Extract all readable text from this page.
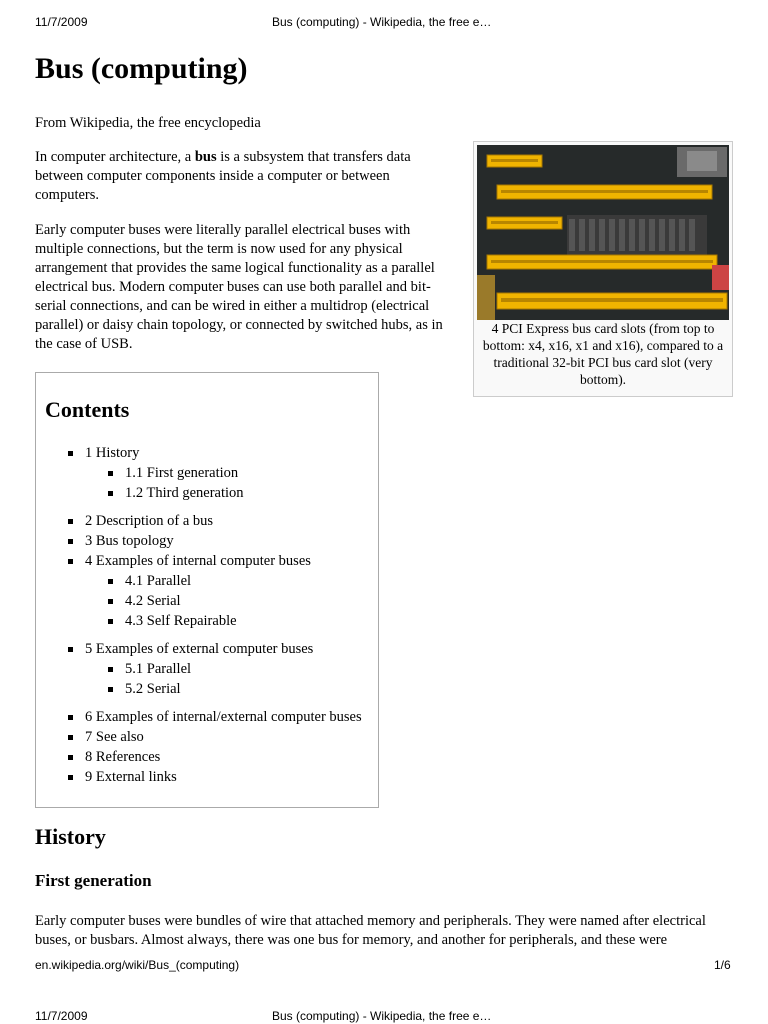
11/7/2009	Bus (computing) - Wikipedia, the free e…
Bus (computing)

From Wikipedia, the free encyclopedia

In computer architecture, a bus is a subsystem that transfers data between computer components inside a computer or between computers.

Early computer buses were literally parallel electrical buses with multiple connections, but the term is now used for any physical arrangement that provides the same logical functionality as a parallel electrical bus. Modern computer buses can use both parallel and bit-serial connections, and can be wired in either a multidrop (electrical parallel) or daisy chain topology, or connected by switched hubs, as in the case of USB.

4 PCI Express bus card slots (from top to bottom: x4, x16, x1 and x16), compared to a traditional 32-bit PCI bus card slot (very bottom).
Contents
1 History
1.1 First generation
1.2 Third generation
2 Description of a bus
3 Bus topology
4 Examples of internal computer buses
4.1 Parallel
4.2 Serial
4.3 Self Repairable
5 Examples of external computer buses
5.1 Parallel
5.2 Serial
6 Examples of internal/external computer buses
7 See also
8 References
9 External links
History
First generation

Early computer buses were bundles of wire that attached memory and peripherals. They were named after electrical buses, or busbars. Almost always, there was one bus for memory, and another for peripherals, and these were

en.wikipedia.org/wiki/Bus_(computing)	1/6
11/7/2009	Bus (computing) - Wikipedia, the free e…
